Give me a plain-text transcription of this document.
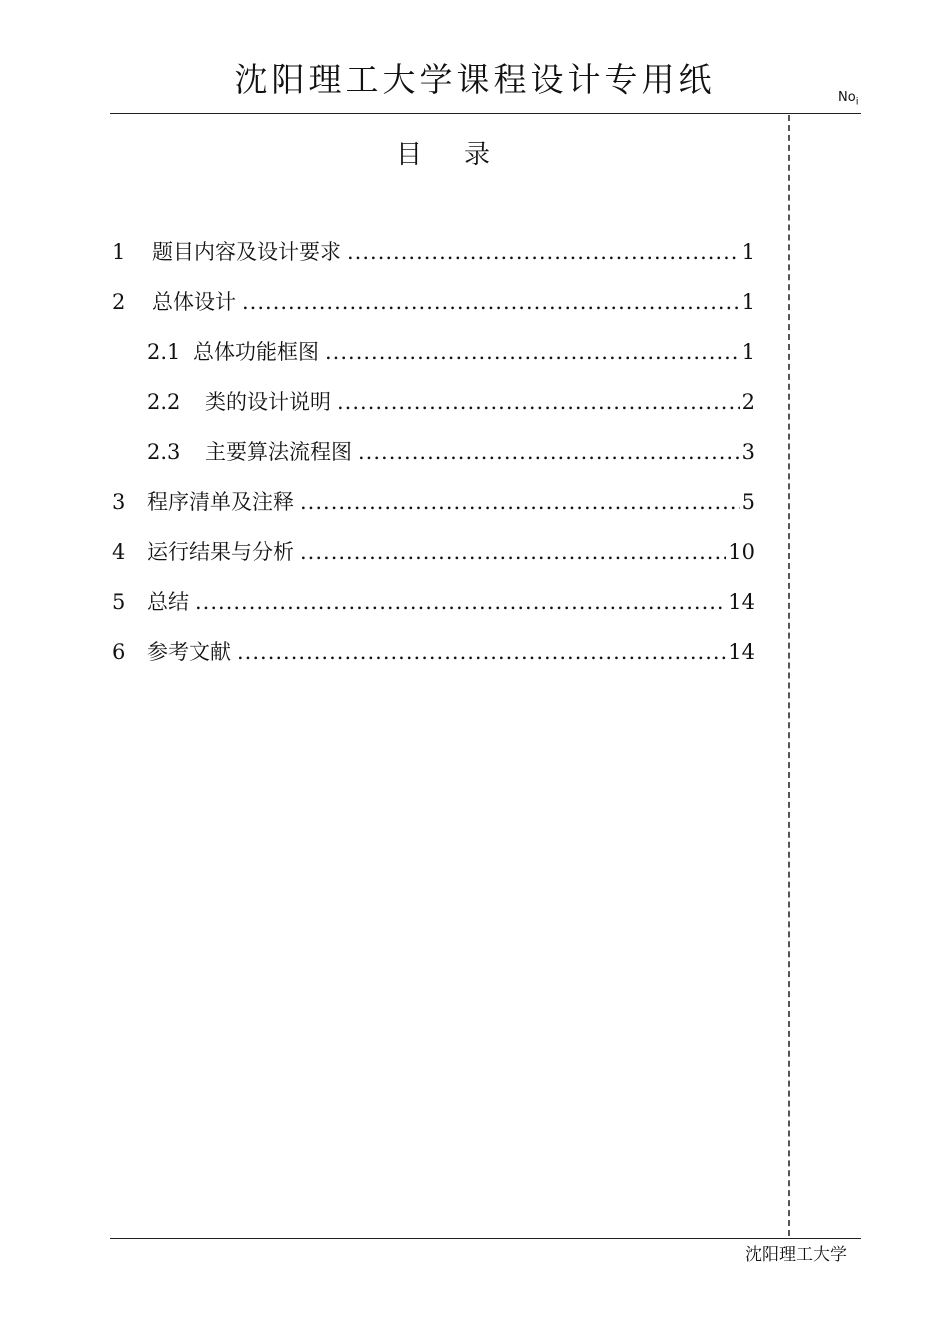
沈阳理工大学课程设计专用纸	$No_i$
目 录
1	题目内容及设计要求 .....	1
2	总体设计 .....	1
2.1 总体功能框图 .....	1
2.2	类的设计说明 .....	2
2.3	主要算法流程图 .....	3
3	程序清单及注释 .....	5
4	运行结果与分析 .....	10
5	总结 .....	14
6	参考文献 .....	14
沈阳理工大学
